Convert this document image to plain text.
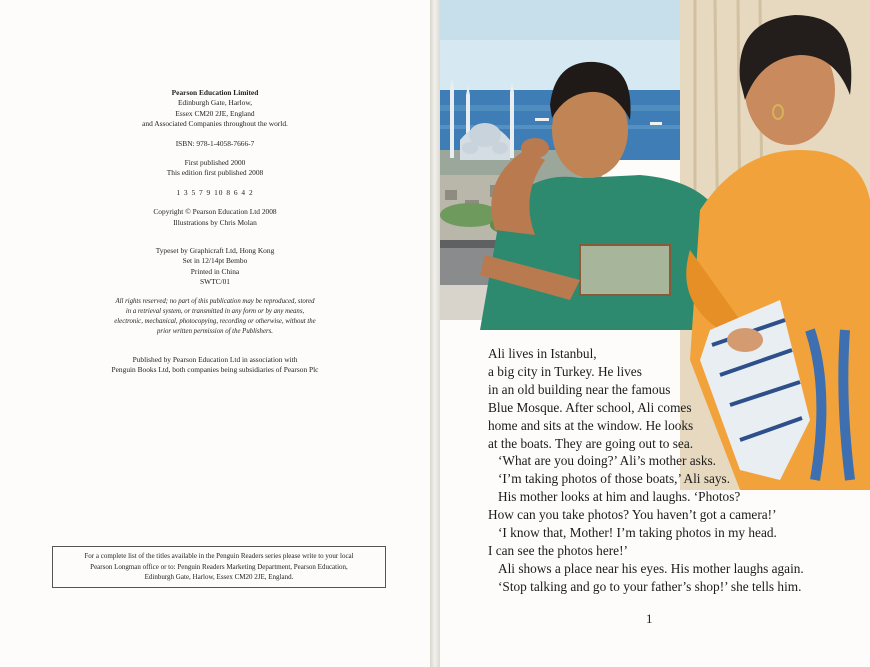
Pearson Education Limited

Edinburgh Gate, Harlow,

Essex CM20 2JE, England

and Associated Companies throughout the world.

ISBN: 978-1-4058-7666-7

First published 2000

This edition first published 2008

1 3 5 7 9 10 8 6 4 2

Copyright © Pearson Education Ltd 2008

Illustrations by Chris Molan

Typeset by Graphicraft Ltd, Hong Kong

Set in 12/14pt Bembo

Printed in China

SWTC/01

All rights reserved; no part of this publication may be reproduced, stored

in a retrieval system, or transmitted in any form or by any means,

electronic, mechanical, photocopying, recording or otherwise, without the

prior written permission of the Publishers.

Published by Pearson Education Ltd in association with

Penguin Books Ltd, both companies being subsidiaries of Pearson Plc

For a complete list of the titles available in the Penguin Readers series please write to your local
Pearson Longman office or to: Penguin Readers Marketing Department, Pearson Education,
Edinburgh Gate, Harlow, Essex CM20 2JE, England.

Ali lives in Istanbul,

a big city in Turkey. He lives

in an old building near the famous

Blue Mosque. After school, Ali comes

home and sits at the window. He looks

at the boats. They are going out to sea.

‘What are you doing?’ Ali’s mother asks.

‘I’m taking photos of those boats,’ Ali says.

His mother looks at him and laughs. ‘Photos?

How can you take photos? You haven’t got a camera!’

‘I know that, Mother! I’m taking photos in my head.

I can see the photos here!’

Ali shows a place near his eyes. His mother laughs again.

‘Stop talking and go to your father’s shop!’ she tells him.

1
